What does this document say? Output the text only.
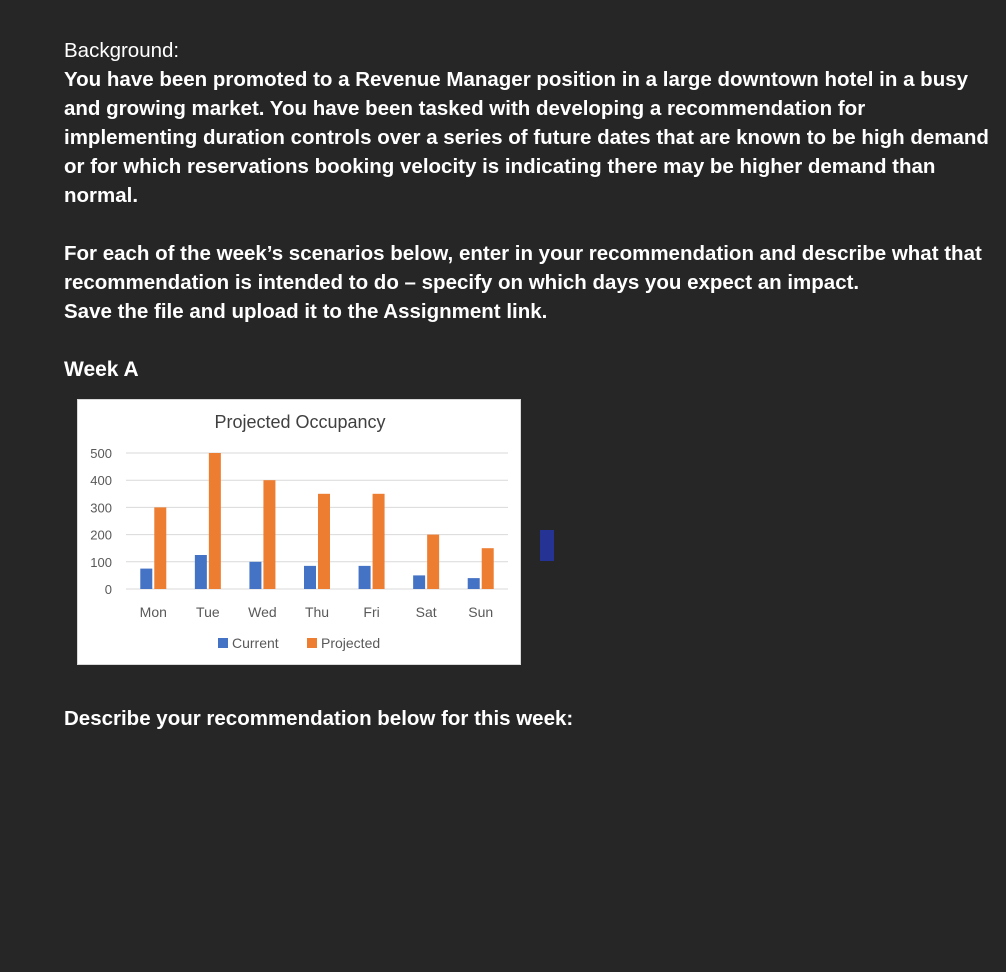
Background:

You have been promoted to a Revenue Manager position in a large downtown hotel in a busy and growing market. You have been tasked with developing a recommendation for implementing duration controls over a series of future dates that are known to be high demand or for which reservations booking velocity is indicating there may be higher demand than normal.

For each of the week’s scenarios below, enter in your recommendation and describe what that recommendation is intended to do – specify on which days you expect an impact.

Save the file and upload it to the Assignment link.

Week A
Projected Occupancy
0
100
200
300
400
500
Mon Tue Wed Thu Fri	Sat Sun
Current	Projected
Describe your recommendation below for this week:
